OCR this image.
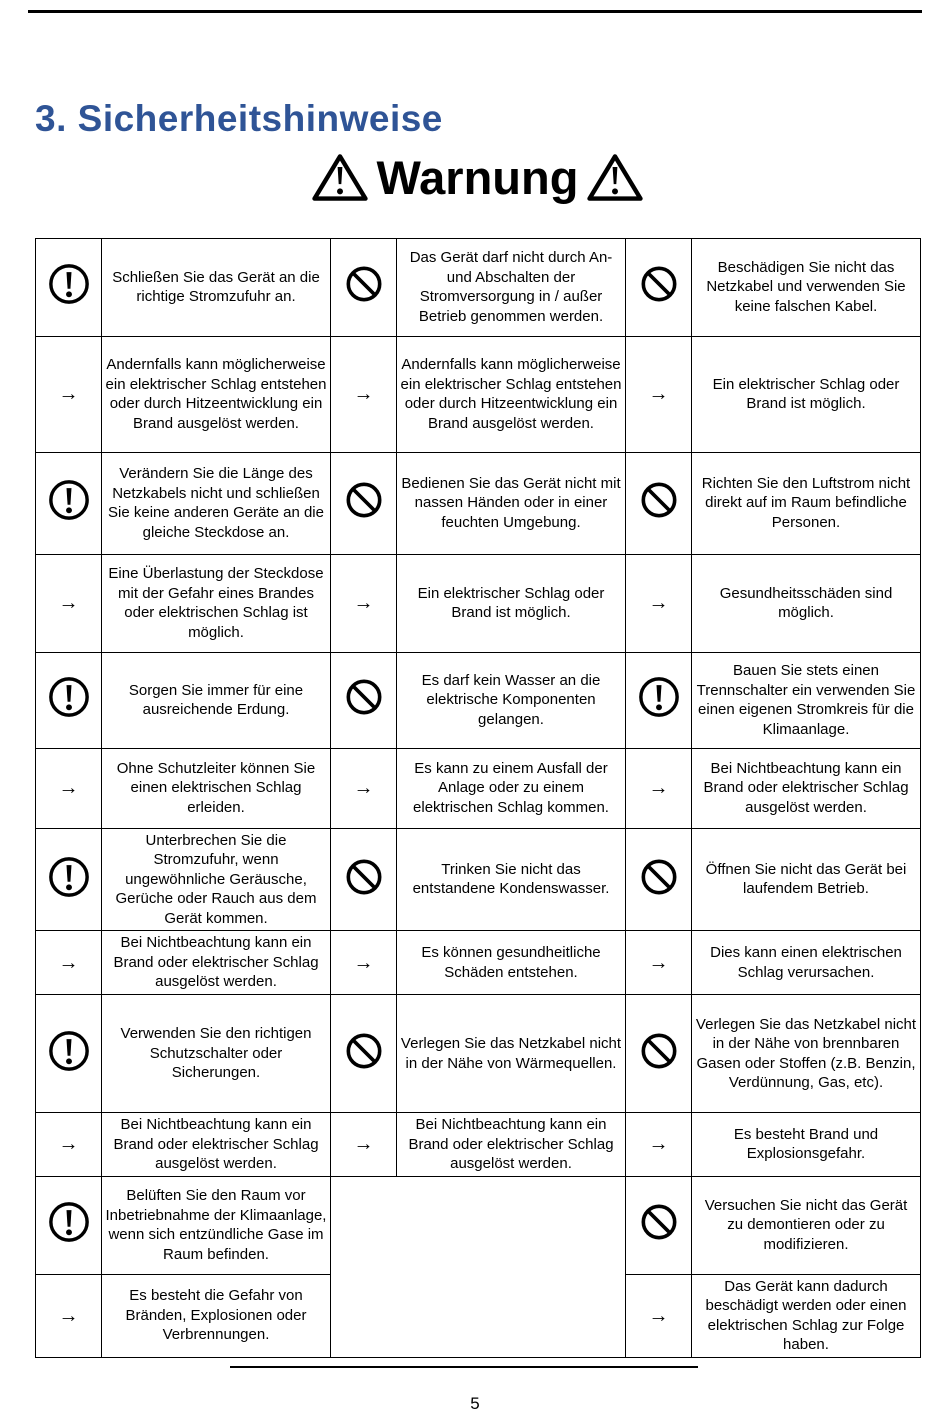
3. Sicherheitshinweise
Warnung
	Schließen Sie das Gerät an die richtige Stromzufuhr an.		Das Gerät darf nicht durch An- und Abschalten der Stromversorgung in / außer Betrieb genommen werden.		Beschädigen Sie nicht das Netzkabel und verwenden Sie keine falschen Kabel.
→	Andernfalls kann möglicherweise ein elektrischer Schlag entstehen oder durch Hitzeentwicklung ein Brand ausgelöst werden.	→	Andernfalls kann möglicherweise ein elektrischer Schlag entstehen oder durch Hitzeentwicklung ein Brand ausgelöst werden.	→	Ein elektrischer Schlag oder Brand ist möglich.

	Verändern Sie die Länge des Netzkabels nicht und schließen Sie keine anderen Geräte an die gleiche Steckdose an.		Bedienen Sie das Gerät nicht mit nassen Händen oder in einer feuchten Umgebung.		Richten Sie den Luftstrom nicht direkt auf im Raum befindliche Personen.
→	Eine Überlastung der Steckdose mit der Gefahr eines Brandes oder elektrischen Schlag ist möglich.	→	Ein elektrischer Schlag oder Brand ist möglich.	→	Gesundheitsschäden sind möglich.

	Sorgen Sie immer für eine ausreichende Erdung.		Es darf kein Wasser an die elektrische Komponenten gelangen.		Bauen Sie stets einen Trennschalter ein verwenden Sie einen eigenen Stromkreis für die Klimaanlage.
→	Ohne Schutzleiter können Sie einen elektrischen Schlag erleiden.	→	Es kann zu einem Ausfall der Anlage oder zu einem elektrischen Schlag kommen.	→	Bei Nichtbeachtung kann ein Brand oder elektrischer Schlag ausgelöst werden.

	Unterbrechen Sie die Stromzufuhr, wenn ungewöhnliche Geräusche, Gerüche oder Rauch aus dem Gerät kommen.		Trinken Sie nicht das entstandene Kondenswasser.		Öffnen Sie nicht das Gerät bei laufendem Betrieb.
→	Bei Nichtbeachtung kann ein Brand oder elektrischer Schlag ausgelöst werden.	→	Es können gesundheitliche Schäden entstehen.	→	Dies kann einen elektrischen Schlag verursachen.

	Verwenden Sie den richtigen Schutzschalter oder Sicherungen.		Verlegen Sie das Netzkabel nicht in der Nähe von Wärmequellen.		Verlegen Sie das Netzkabel nicht in der Nähe von brennbaren Gasen oder Stoffen (z.B. Benzin, Verdünnung, Gas, etc).
→	Bei Nichtbeachtung kann ein Brand oder elektrischer Schlag ausgelöst werden.	→	Bei Nichtbeachtung kann ein Brand oder elektrischer Schlag ausgelöst werden.	→	Es besteht Brand und Explosionsgefahr.

	Belüften Sie den Raum vor Inbetriebnahme der Klimaanlage, wenn sich entzündliche Gase im Raum befinden.				Versuchen Sie nicht das Gerät zu demontieren oder zu modifizieren.
→	Es besteht die Gefahr von Bränden, Explosionen oder Verbrennungen.			→	Das Gerät kann dadurch beschädigt werden oder einen elektrischen Schlag zur Folge haben.
5
